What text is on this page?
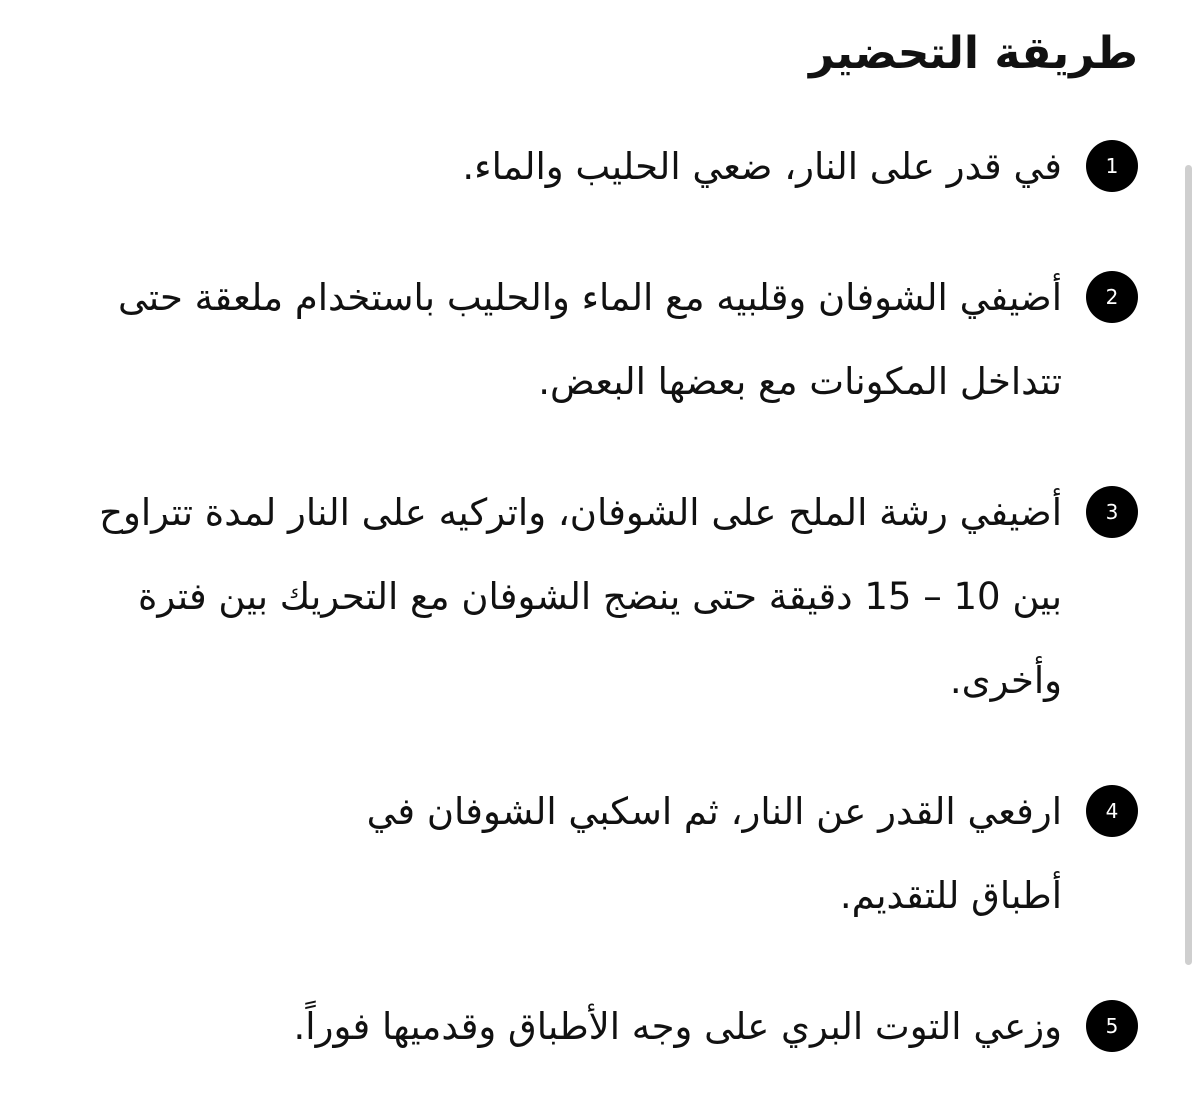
طريقة التحضير
1
في قدر على النار، ضعي الحليب والماء.
2
أضيفي الشوفان وقلبيه مع الماء والحليب باستخدام ملعقة حتى تتداخل المكونات مع بعضها البعض.
3
أضيفي رشة الملح على الشوفان، واتركيه على النار لمدة تتراوح بين 10 – 15 دقيقة حتى ينضج الشوفان مع التحريك بين فترة وأخرى.
4
ارفعي القدر عن النار، ثم اسكبي الشوفان في أطباق للتقديم.
5
وزعي التوت البري على وجه الأطباق وقدميها فوراً.
